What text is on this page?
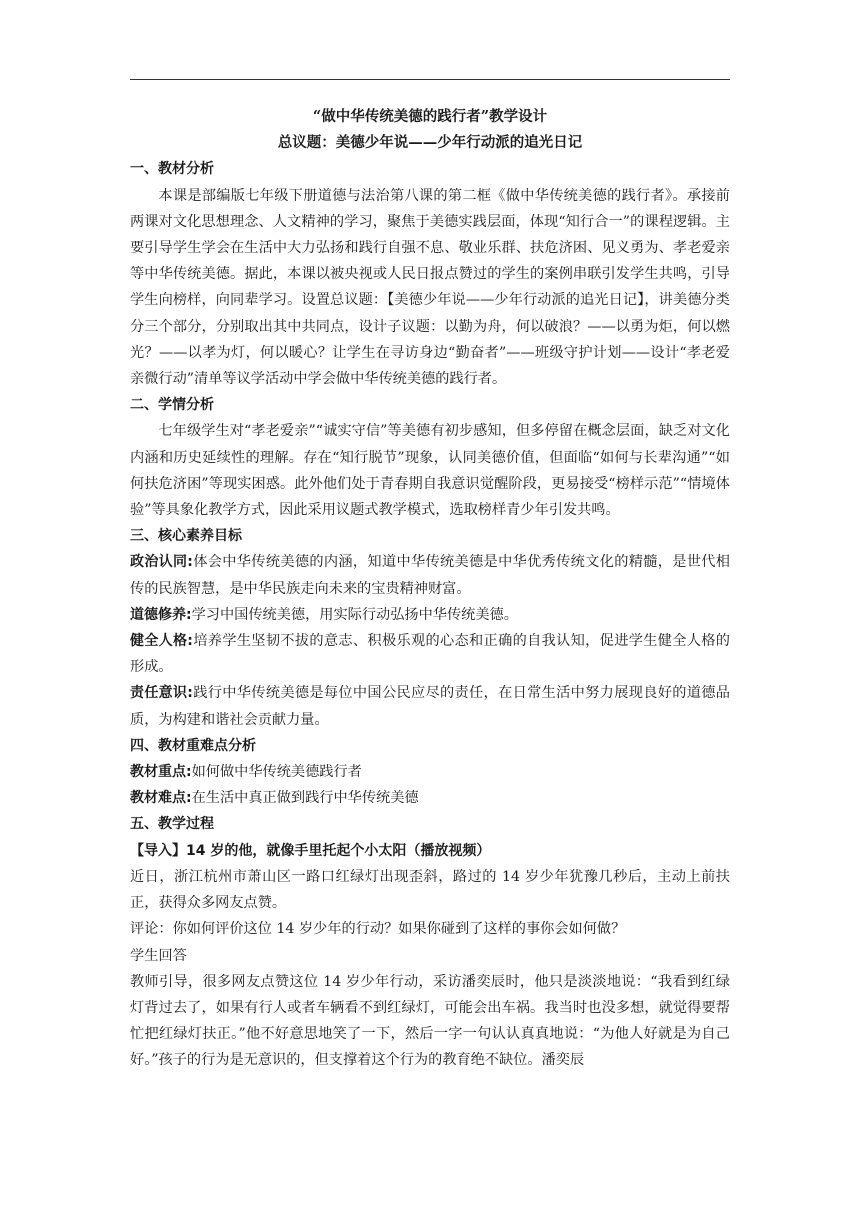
“做中华传统美德的践行者”教学设计
总议题：美德少年说——少年行动派的追光日记
一、教材分析

本课是部编版七年级下册道德与法治第八课的第二框《做中华传统美德的践行者》。承接前两课对文化思想理念、人文精神的学习，聚焦于美德实践层面，体现“知行合一”的课程逻辑。主要引导学生学会在生活中大力弘扬和践行自强不息、敬业乐群、扶危济困、见义勇为、孝老爱亲等中华传统美德。据此，本课以被央视或人民日报点赞过的学生的案例串联引发学生共鸣，引导学生向榜样，向同辈学习。设置总议题：【美德少年说——少年行动派的追光日记】，讲美德分类分三个部分，分别取出其中共同点，设计子议题：以勤为舟，何以破浪？——以勇为炬，何以燃光？——以孝为灯，何以暖心？让学生在寻访身边“勤奋者”——班级守护计划——设计“孝老爱亲微行动”清单等议学活动中学会做中华传统美德的践行者。

二、学情分析

七年级学生对“孝老爱亲”“诚实守信”等美德有初步感知，但多停留在概念层面，缺乏对文化内涵和历史延续性的理解。存在“知行脱节”现象，认同美德价值，但面临“如何与长辈沟通”“如何扶危济困”等现实困惑。此外他们处于青春期自我意识觉醒阶段，更易接受“榜样示范”“情境体验”等具象化教学方式，因此采用议题式教学模式，选取榜样青少年引发共鸣。

三、核心素养目标

政治认同:体会中华传统美德的内涵，知道中华传统美德是中华优秀传统文化的精髓，是世代相传的民族智慧，是中华民族走向未来的宝贵精神财富。

道德修养:学习中国传统美德，用实际行动弘扬中华传统美德。

健全人格:培养学生坚韧不拔的意志、积极乐观的心态和正确的自我认知，促进学生健全人格的形成。

责任意识:践行中华传统美德是每位中国公民应尽的责任，在日常生活中努力展现良好的道德品质，为构建和谐社会贡献力量。

四、教材重难点分析

教材重点:如何做中华传统美德践行者

教材难点:在生活中真正做到践行中华传统美德

五、教学过程
【导入】14 岁的他，就像手里托起个小太阳（播放视频）

近日，浙江杭州市萧山区一路口红绿灯出现歪斜，路过的 14 岁少年犹豫几秒后，主动上前扶正，获得众多网友点赞。

评论：你如何评价这位 14 岁少年的行动？如果你碰到了这样的事你会如何做？

学生回答

教师引导，很多网友点赞这位 14 岁少年行动，采访潘奕辰时，他只是淡淡地说：“我看到红绿灯背过去了，如果有行人或者车辆看不到红绿灯，可能会出车祸。我当时也没多想，就觉得要帮忙把红绿灯扶正。”他不好意思地笑了一下，然后一字一句认认真真地说：“为他人好就是为自己好。”孩子的行为是无意识的，但支撑着这个行为的教育绝不缺位。潘奕辰
